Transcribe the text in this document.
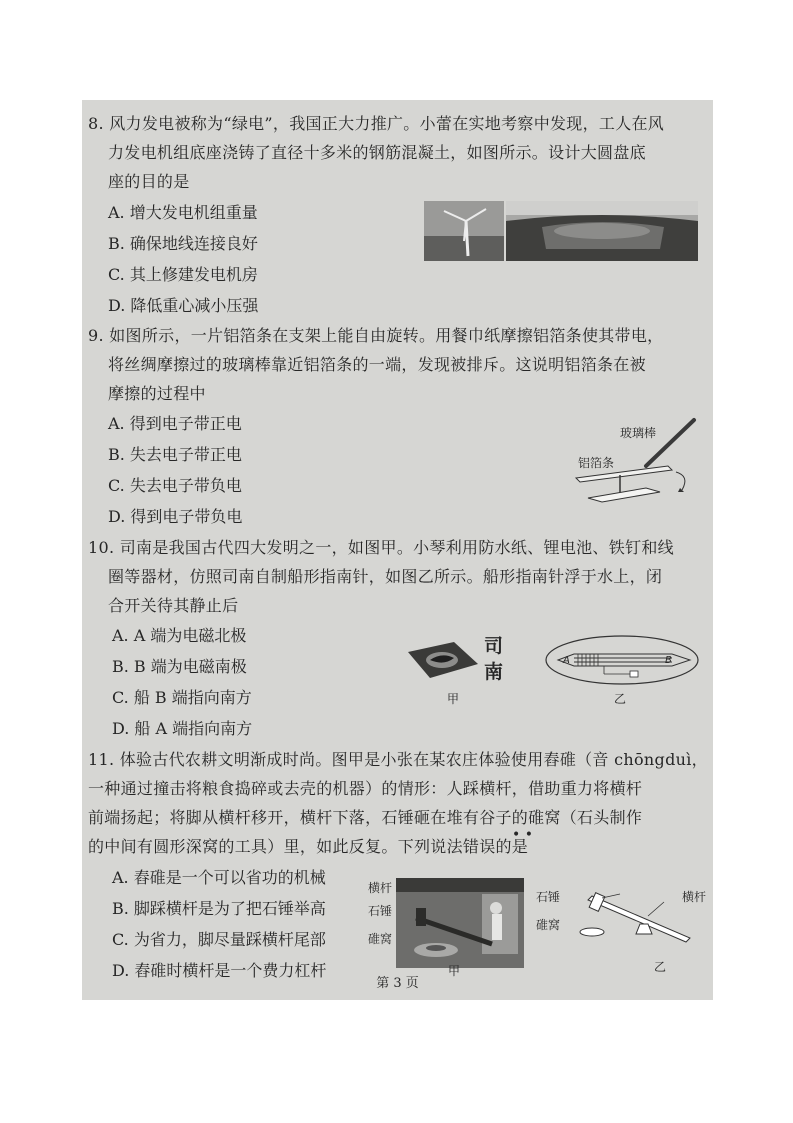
8. 风力发电被称为“绿电”，我国正大力推广。小蕾在实地考察中发现，工人在风
力发电机组底座浇铸了直径十多米的钢筋混凝土，如图所示。设计大圆盘底
座的目的是
A. 增大发电机组重量
B. 确保地线连接良好
C. 其上修建发电机房
D. 降低重心减小压强
9. 如图所示，一片铝箔条在支架上能自由旋转。用餐巾纸摩擦铝箔条使其带电，
将丝绸摩擦过的玻璃棒靠近铝箔条的一端，发现被排斥。这说明铝箔条在被
摩擦的过程中
A. 得到电子带正电
B. 失去电子带正电
C. 失去电子带负电
D. 得到电子带负电
玻璃棒
铝箔条
10. 司南是我国古代四大发明之一，如图甲。小琴利用防水纸、锂电池、铁钉和线
圈等器材，仿照司南自制船形指南针，如图乙所示。船形指南针浮于水上，闭
合开关待其静止后
A. A 端为电磁北极
B. B 端为电磁南极
C. 船 B 端指向南方
D. 船 A 端指向南方
司
南
甲
A	B
乙
11. 体验古代农耕文明渐成时尚。图甲是小张在某农庄体验使用舂碓（音 chōngduì，
一种通过撞击将粮食捣碎或去壳的机器）的情形：人踩横杆，借助重力将横杆
前端扬起；将脚从横杆移开，横杆下落，石锤砸在堆有谷子的碓窝（石头制作
的中间有圆形深窝的工具）里，如此反复。下列说法错误的是
• •
A. 舂碓是一个可以省功的机械
B. 脚踩横杆是为了把石锤举高
C. 为省力，脚尽量踩横杆尾部
D. 舂碓时横杆是一个费力杠杆
横杆
石锤
碓窝
甲
石锤	横杆
碓窝
乙
第 3 页
